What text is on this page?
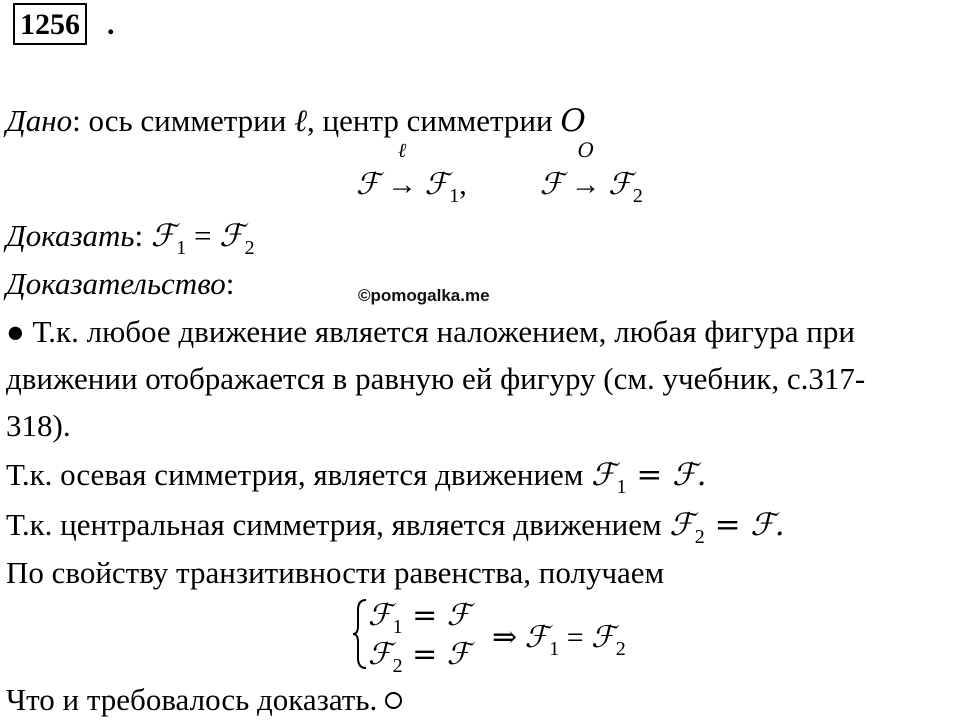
1256 .
Дано: ось симметрии ℓ, центр симметрии O
ℱ
ℓ
→ ℱ$_1$, ℱ
O
→ ℱ$_2$
Доказать: ℱ$_1$ = ℱ$_2$
Доказательство:	©pomogalka.me
● Т.к. любое движение является наложением, любая фигура при
движении отображается в равную ей фигуру (см. учебник, с.317-
318).
Т.к. осевая симметрия, является движением ℱ$_1$ = ℱ.
Т.к. центральная симметрия, является движением ℱ$_2$ = ℱ.
По свойству транзитивности равенства, получаем
ℱ$_1$ = ℱ
ℱ$_2$ = ℱ ⇒ ℱ$_1$ = ℱ$_2$
Что и требовалось доказать.
